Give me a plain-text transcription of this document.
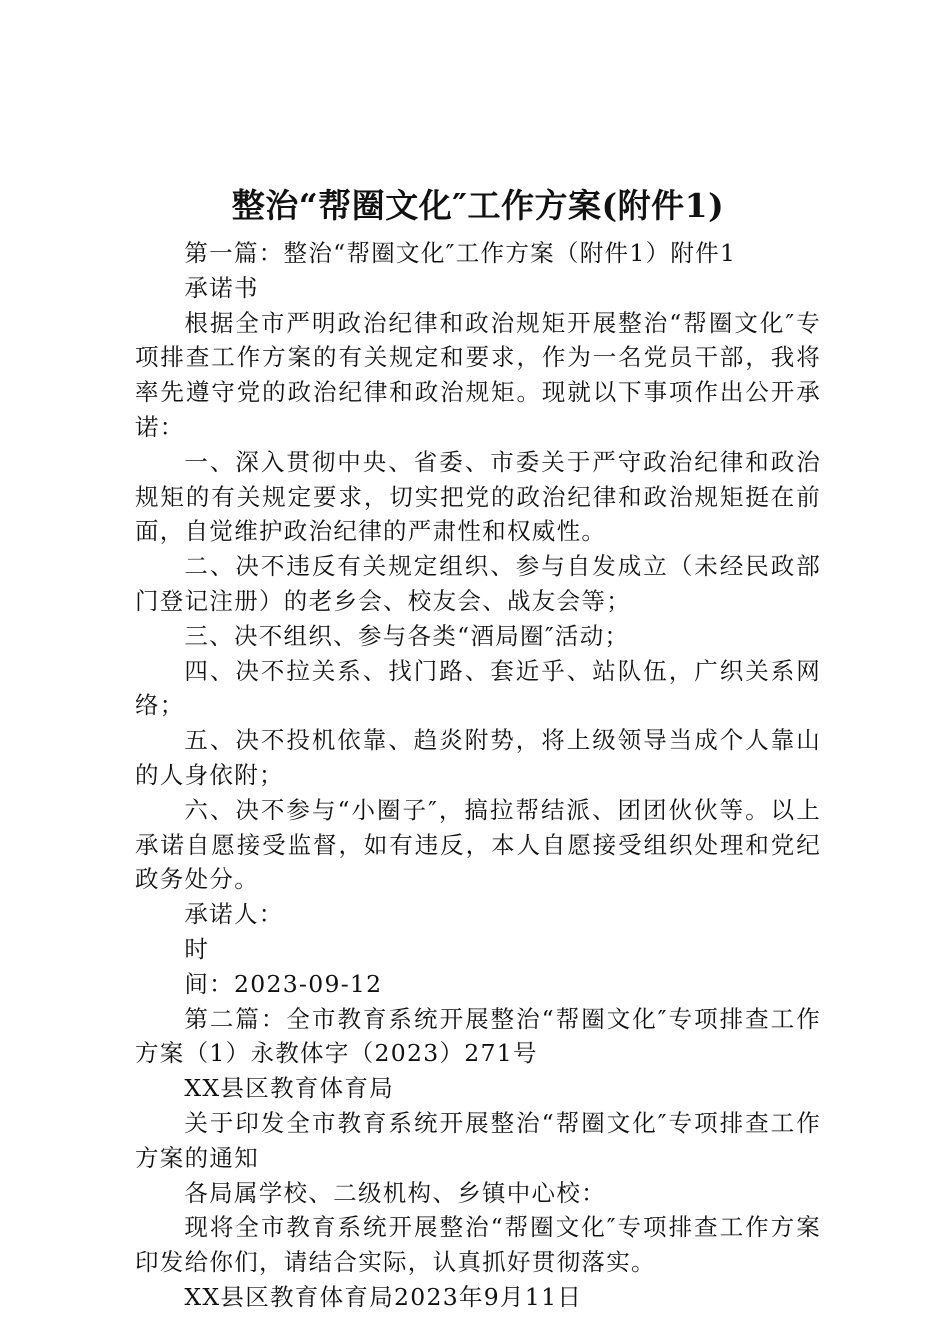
整治“帮圈文化″工作方案(附件1)

第一篇：整治“帮圈文化″工作方案（附件1）附件1

承诺书

根据全市严明政治纪律和政治规矩开展整治“帮圈文化″专项排查工作方案的有关规定和要求，作为一名党员干部，我将率先遵守党的政治纪律和政治规矩。现就以下事项作出公开承诺：

一、深入贯彻中央、省委、市委关于严守政治纪律和政治规矩的有关规定要求，切实把党的政治纪律和政治规矩挺在前面，自觉维护政治纪律的严肃性和权威性。

二、决不违反有关规定组织、参与自发成立（未经民政部门登记注册）的老乡会、校友会、战友会等；

三、决不组织、参与各类“酒局圈″活动；

四、决不拉关系、找门路、套近乎、站队伍，广织关系网络；

五、决不投机依靠、趋炎附势，将上级领导当成个人靠山的人身依附；

六、决不参与“小圈子″，搞拉帮结派、团团伙伙等。以上承诺自愿接受监督，如有违反，本人自愿接受组织处理和党纪政务处分。

承诺人：

时

间：2023-09-12

第二篇：全市教育系统开展整治“帮圈文化″专项排查工作方案（1）永教体字（2023）271号

XX县区教育体育局

关于印发全市教育系统开展整治“帮圈文化″专项排查工作方案的通知

各局属学校、二级机构、乡镇中心校：

现将全市教育系统开展整治“帮圈文化″专项排查工作方案印发给你们，请结合实际，认真抓好贯彻落实。

XX县区教育体育局2023年9月11日
